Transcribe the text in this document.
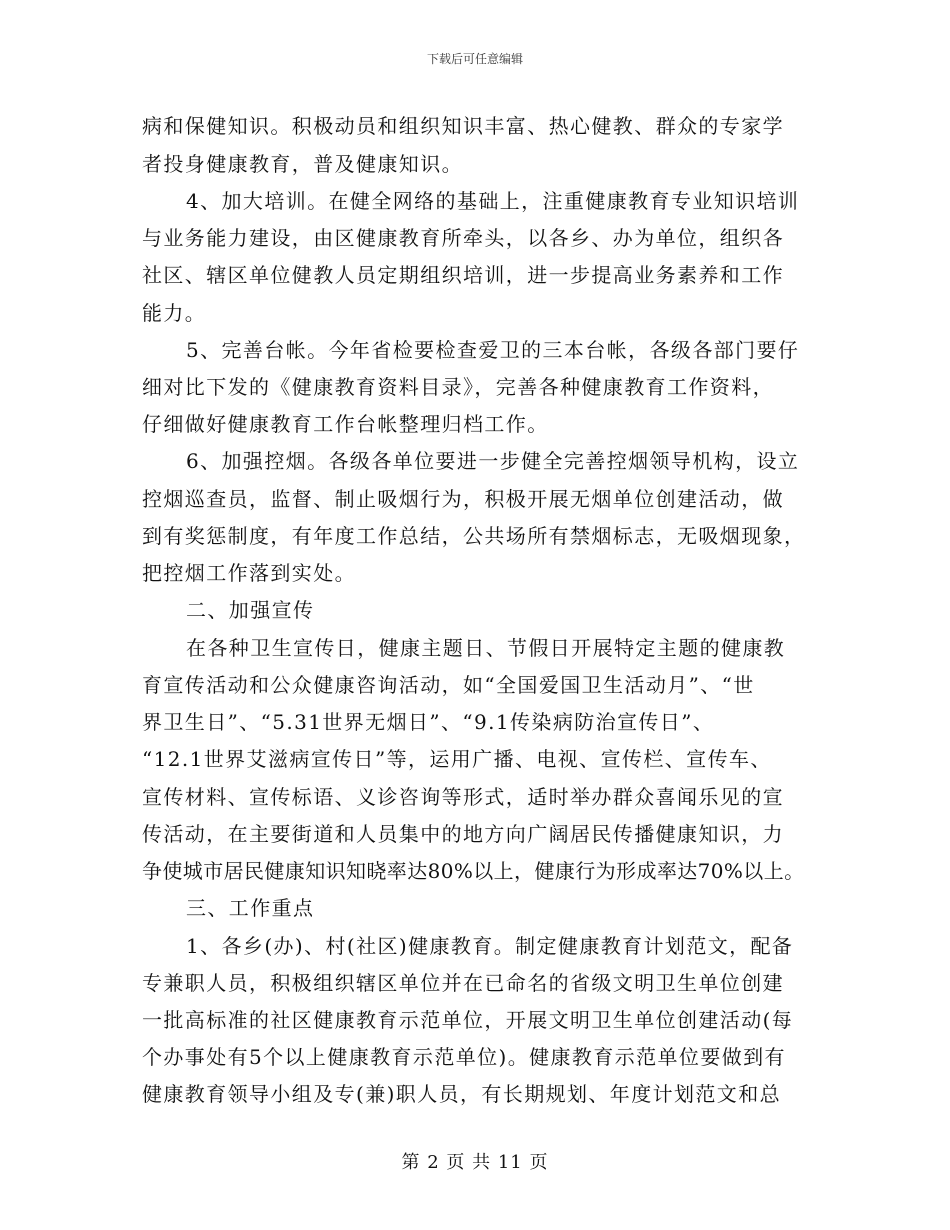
下载后可任意编辑
病和保健知识。积极动员和组织知识丰富、热心健教、群众的专家学
者投身健康教育，普及健康知识。
4、加大培训。在健全网络的基础上，注重健康教育专业知识培训
与业务能力建设，由区健康教育所牵头，以各乡、办为单位，组织各
社区、辖区单位健教人员定期组织培训，进一步提高业务素养和工作
能力。
5、完善台帐。今年省检要检查爱卫的三本台帐，各级各部门要仔
细对比下发的《健康教育资料目录》，完善各种健康教育工作资料，
仔细做好健康教育工作台帐整理归档工作。
6、加强控烟。各级各单位要进一步健全完善控烟领导机构，设立
控烟巡查员，监督、制止吸烟行为，积极开展无烟单位创建活动，做
到有奖惩制度，有年度工作总结，公共场所有禁烟标志，无吸烟现象，
把控烟工作落到实处。
二、加强宣传
在各种卫生宣传日，健康主题日、节假日开展特定主题的健康教
育宣传活动和公众健康咨询活动，如“全国爱国卫生活动月”、“世
界卫生日”、“5.31世界无烟日”、“9.1传染病防治宣传日”、
“12.1世界艾滋病宣传日”等，运用广播、电视、宣传栏、宣传车、
宣传材料、宣传标语、义诊咨询等形式，适时举办群众喜闻乐见的宣
传活动，在主要街道和人员集中的地方向广阔居民传播健康知识，力
争使城市居民健康知识知晓率达80%以上，健康行为形成率达70%以上。
三、工作重点
1、各乡(办)、村(社区)健康教育。制定健康教育计划范文，配备
专兼职人员，积极组织辖区单位并在已命名的省级文明卫生单位创建
一批高标准的社区健康教育示范单位，开展文明卫生单位创建活动(每
个办事处有5个以上健康教育示范单位)。健康教育示范单位要做到有
健康教育领导小组及专(兼)职人员，有长期规划、年度计划范文和总
第 2 页 共 11 页
